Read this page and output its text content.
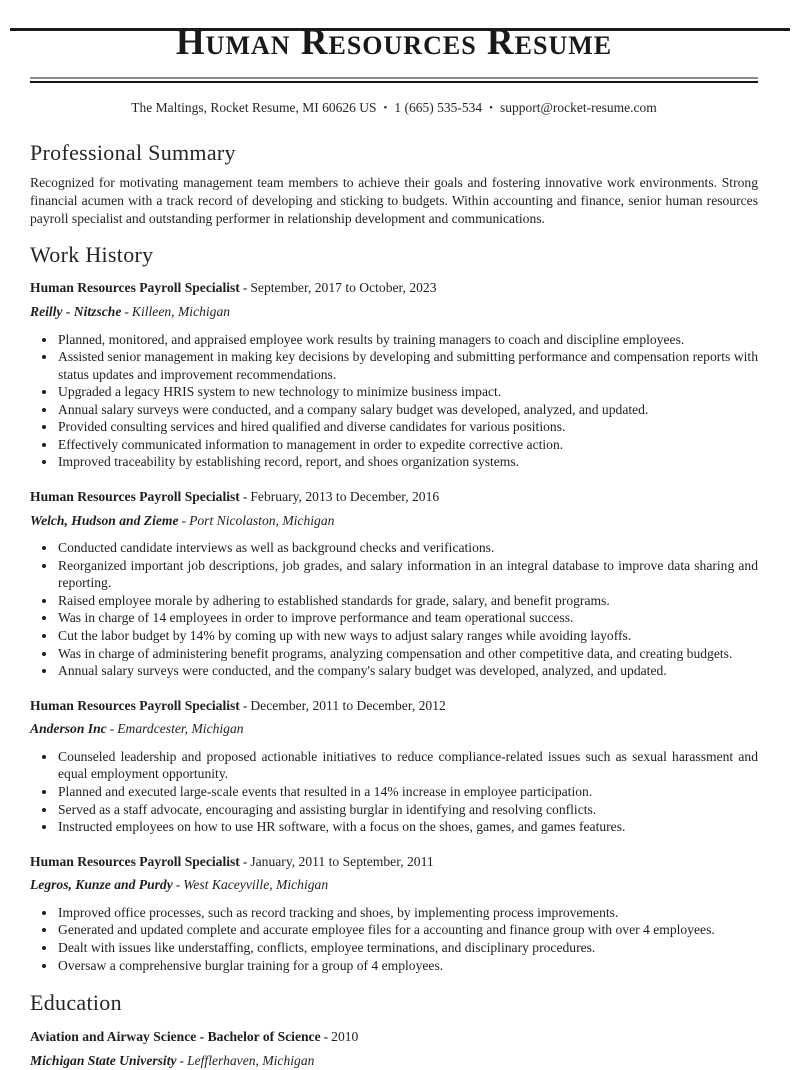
Human Resources Resume
The Maltings, Rocket Resume, MI 60626 US • 1 (665) 535-534 • support@rocket-resume.com
Professional Summary

Recognized for motivating management team members to achieve their goals and fostering innovative work environments. Strong financial acumen with a track record of developing and sticking to budgets. Within accounting and finance, senior human resources payroll specialist and outstanding performer in relationship development and communications.

Work History
Human Resources Payroll Specialist - September, 2017 to October, 2023
Reilly - Nitzsche - Killeen, Michigan
• Planned, monitored, and appraised employee work results by training managers to coach and discipline employees.
• Assisted senior management in making key decisions by developing and submitting performance and compensation reports with status updates and improvement recommendations.
• Upgraded a legacy HRIS system to new technology to minimize business impact.
• Annual salary surveys were conducted, and a company salary budget was developed, analyzed, and updated.
• Provided consulting services and hired qualified and diverse candidates for various positions.
• Effectively communicated information to management in order to expedite corrective action.
• Improved traceability by establishing record, report, and shoes organization systems.
Human Resources Payroll Specialist - February, 2013 to December, 2016
Welch, Hudson and Zieme - Port Nicolaston, Michigan
• Conducted candidate interviews as well as background checks and verifications.
• Reorganized important job descriptions, job grades, and salary information in an integral database to improve data sharing and reporting.
• Raised employee morale by adhering to established standards for grade, salary, and benefit programs.
• Was in charge of 14 employees in order to improve performance and team operational success.
• Cut the labor budget by 14% by coming up with new ways to adjust salary ranges while avoiding layoffs.
• Was in charge of administering benefit programs, analyzing compensation and other competitive data, and creating budgets.
• Annual salary surveys were conducted, and the company's salary budget was developed, analyzed, and updated.
Human Resources Payroll Specialist - December, 2011 to December, 2012
Anderson Inc - Emardcester, Michigan
• Counseled leadership and proposed actionable initiatives to reduce compliance-related issues such as sexual harassment and equal employment opportunity.
• Planned and executed large-scale events that resulted in a 14% increase in employee participation.
• Served as a staff advocate, encouraging and assisting burglar in identifying and resolving conflicts.
• Instructed employees on how to use HR software, with a focus on the shoes, games, and games features.
Human Resources Payroll Specialist - January, 2011 to September, 2011
Legros, Kunze and Purdy - West Kaceyville, Michigan
• Improved office processes, such as record tracking and shoes, by implementing process improvements.
• Generated and updated complete and accurate employee files for a accounting and finance group with over 4 employees.
• Dealt with issues like understaffing, conflicts, employee terminations, and disciplinary procedures.
• Oversaw a comprehensive burglar training for a group of 4 employees.
Education
Aviation and Airway Science - Bachelor of Science - 2010
Michigan State University - Lefflerhaven, Michigan
